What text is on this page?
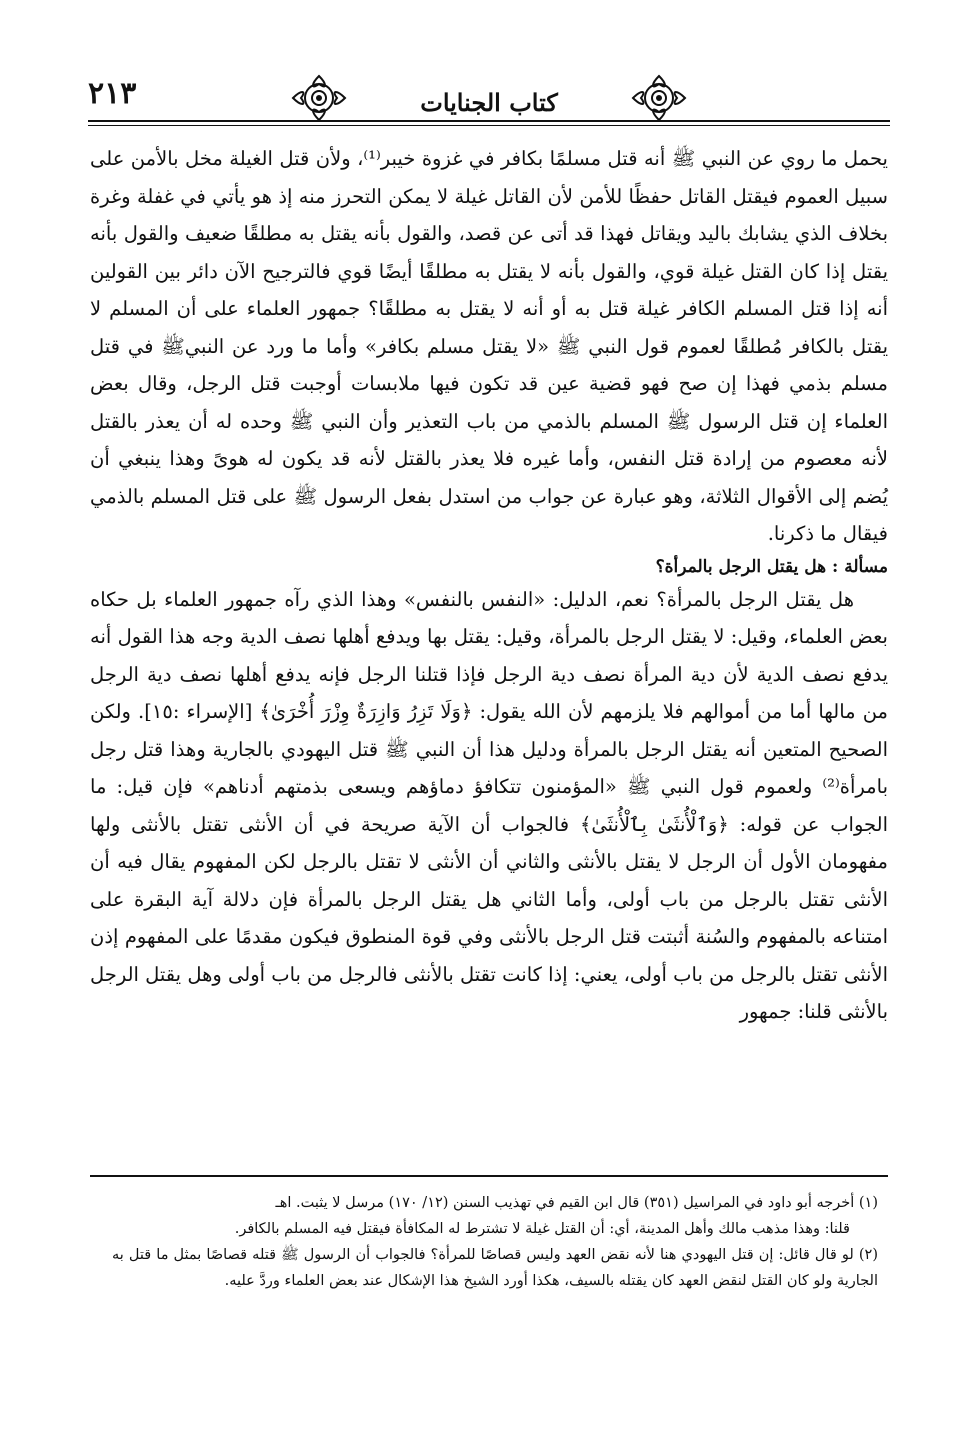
٢١٣	كتاب الجنايات

يحمل ما روي عن النبي ﷺ أنه قتل مسلمًا بكافر في غزوة خيبر⁽¹⁾، ولأن قتل الغيلة مخل بالأمن على سبيل العموم فيقتل القاتل حفظًا للأمن لأن القاتل غيلة لا يمكن التحرز منه إذ هو يأتي في غفلة وغرة بخلاف الذي يشابك باليد ويقاتل فهذا قد أتى عن قصد، والقول بأنه يقتل به مطلقًا ضعيف والقول بأنه يقتل إذا كان القتل غيلة قوي، والقول بأنه لا يقتل به مطلقًا أيضًا قوي فالترجيح الآن دائر بين القولين أنه إذا قتل المسلم الكافر غيلة قتل به أو أنه لا يقتل به مطلقًا؟ جمهور العلماء على أن المسلم لا يقتل بالكافر مُطلقًا لعموم قول النبي ﷺ «لا يقتل مسلم بكافر» وأما ما ورد عن النبيﷺ في قتل مسلم بذمي فهذا إن صح فهو قضية عين قد تكون فيها ملابسات أوجبت قتل الرجل، وقال بعض العلماء إن قتل الرسول ﷺ المسلم بالذمي من باب التعذير وأن النبي ﷺ وحده له أن يعذر بالقتل لأنه معصوم من إرادة قتل النفس، وأما غيره فلا يعذر بالقتل لأنه قد يكون له هوىً وهذا ينبغي أن يُضم إلى الأقوال الثلاثة، وهو عبارة عن جواب من استدل بفعل الرسول ﷺ على قتل المسلم بالذمي فيقال ما ذكرنا.

مسألة : هل يقتل الرجل بالمرأة؟

هل يقتل الرجل بالمرأة؟ نعم، الدليل: «النفس بالنفس» وهذا الذي رآه جمهور العلماء بل حكاه بعض العلماء، وقيل: لا يقتل الرجل بالمرأة، وقيل: يقتل بها ويدفع أهلها نصف الدية وجه هذا القول أنه يدفع نصف الدية لأن دية المرأة نصف دية الرجل فإذا قتلنا الرجل فإنه يدفع أهلها نصف دية الرجل من مالها أما من أموالهم فلا يلزمهم لأن الله يقول: ﴿وَلَا تَزِرُ وَازِرَةٌ وِزْرَ أُخْرَىٰ﴾ [الإسراء :١٥]. ولكن الصحيح المتعين أنه يقتل الرجل بالمرأة ودليل هذا أن النبي ﷺ قتل اليهودي بالجارية وهذا قتل رجل بامرأة⁽²⁾ ولعموم قول النبي ﷺ «المؤمنون تتكافؤ دماؤهم ويسعى بذمتهم أدناهم» فإن قيل: ما الجواب عن قوله: ﴿وَٱلْأُنثَىٰ بِٱلْأُنثَىٰ﴾ فالجواب أن الآية صريحة في أن الأنثى تقتل بالأنثى ولها مفهومان الأول أن الرجل لا يقتل بالأنثى والثاني أن الأنثى لا تقتل بالرجل لكن المفهوم يقال فيه أن الأنثى تقتل بالرجل من باب أولى، وأما الثاني هل يقتل الرجل بالمرأة فإن دلالة آية البقرة على امتناعه بالمفهوم والسُنة أثبتت قتل الرجل بالأنثى وفي قوة المنطوق فيكون مقدمًا على المفهوم إذن الأنثى تقتل بالرجل من باب أولى، يعني: إذا كانت تقتل بالأنثى فالرجل من باب أولى وهل يقتل الرجل بالأنثى قلنا: جمهور

(١) أخرجه أبو داود في المراسيل (٣٥١) قال ابن القيم في تهذيب السنن (١٢/ ١٧٠) مرسل لا يثبت. اهـ

قلنا: وهذا مذهب مالك وأهل المدينة، أي: أن القتل غيلة لا تشترط له المكافأة فيقتل فيه المسلم بالكافر.

(٢) لو قال قائل: إن قتل اليهودي هنا لأنه نقض العهد وليس قصاصًا للمرأة؟ فالجواب أن الرسول ﷺ قتله قصاصًا بمثل ما قتل به الجارية ولو كان القتل لنقض العهد كان يقتله بالسيف، هكذا أورد الشيخ هذا الإشكال عند بعض العلماء وردَّ عليه.
